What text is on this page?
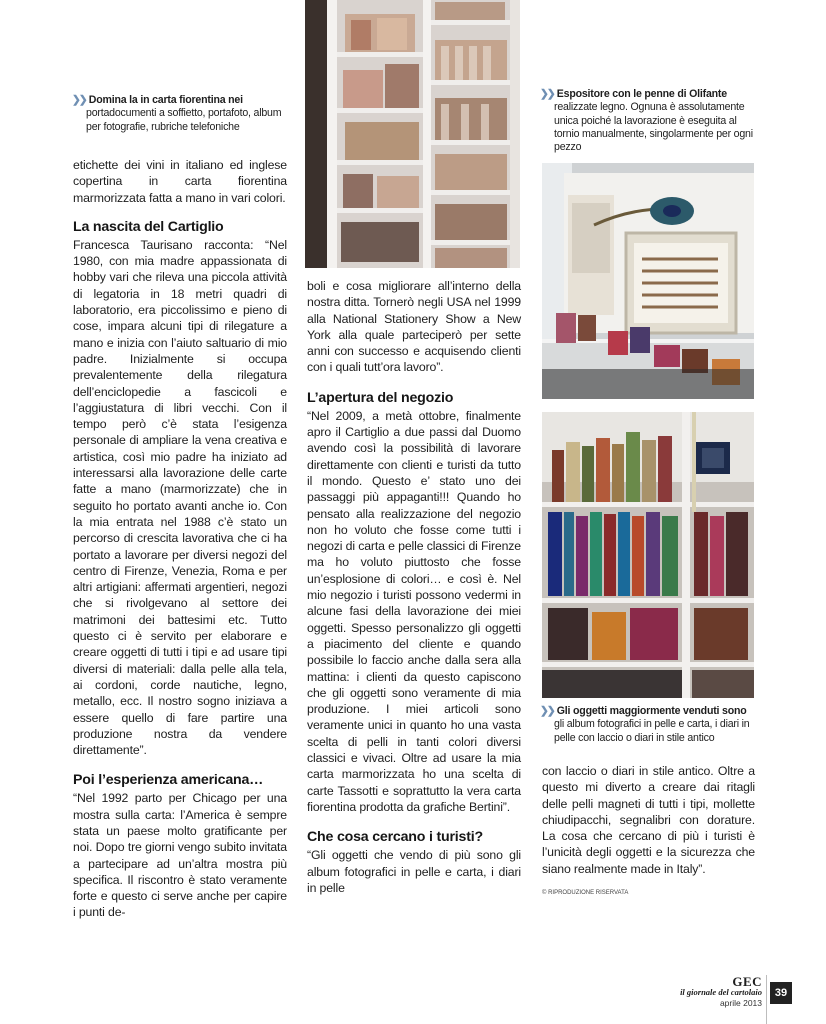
❯❯ Domina la in carta fiorentina nei
portadocumenti a soffietto, portafoto, album per fotografie, rubriche telefoniche
❯❯ Espositore con le penne di Olifante
realizzate legno. Ognuna è assolutamente unica poiché la lavorazione è eseguita al tornio manualmente, singolarmente per ogni pezzo
❯❯ Gli oggetti maggiormente venduti sono
gli album fotografici in pelle e carta, i diari in pelle con laccio o diari in stile antico

etichette dei vini in italiano ed inglese copertina in carta fiorentina marmorizzata fatta a mano in vari colori.

La nascita del Cartiglio

Francesca Taurisano racconta: “Nel 1980, con mia madre appassionata di hobby vari che rileva una piccola attività di legatoria in 18 metri quadri di laboratorio, era piccolissimo e pieno di cose, impara alcuni tipi di rilegature a mano e inizia con l’aiuto saltuario di mio padre. Inizialmente si occupa prevalentemente della rilegatura dell’enciclopedie a fascicoli e l’aggiustatura di libri vecchi. Con il tempo però c’è stata l’esigenza personale di ampliare la vena creativa e artistica, così mio padre ha iniziato ad interessarsi alla lavorazione delle carte fatte a mano (marmorizzate) che in seguito ho portato avanti anche io. Con la mia entrata nel 1988 c’è stato un percorso di crescita lavorativa che ci ha portato a lavorare per diversi negozi del centro di Firenze, Venezia, Roma e per altri artigiani: affermati argentieri, negozi che si rivolgevano al settore dei matrimoni dei battesimi etc. Tutto questo ci è servito per elaborare e creare oggetti di tutti i tipi e ad usare tipi diversi di materiali: dalla pelle alla tela, ai cordoni, corde nautiche, legno, metallo, ecc. Il nostro sogno iniziava a essere quello di fare partire una produzione nostra da vendere direttamente”.

Poi l’esperienza americana…

“Nel 1992 parto per Chicago per una mostra sulla carta: l’America è sempre stata un paese molto gratificante per noi. Dopo tre giorni vengo subito invitata a partecipare ad un’altra mostra più specifica. Il riscontro è stato veramente forte e questo ci serve anche per capire i punti de-

boli e cosa migliorare all’interno della nostra ditta. Tornerò negli USA nel 1999 alla National Stationery Show a New York alla quale parteciperò per sette anni con successo e acquisendo clienti con i quali tutt’ora lavoro”.

L’apertura del negozio

“Nel 2009, a metà ottobre, finalmente apro il Cartiglio a due passi dal Duomo avendo così la possibilità di lavorare direttamente con clienti e turisti da tutto il mondo. Questo e’ stato uno dei passaggi più appaganti!!! Quando ho pensato alla realizzazione del negozio non ho voluto che fosse come tutti i negozi di carta e pelle classici di Firenze ma ho voluto piuttosto che fosse un’esplosione di colori… e così è. Nel mio negozio i turisti possono vedermi in alcune fasi della lavorazione dei miei oggetti. Spesso personalizzo gli oggetti a piacimento del cliente e quando possibile lo faccio anche dalla sera alla mattina: i clienti da questo capiscono che gli oggetti sono veramente di mia produzione. I miei articoli sono veramente unici in quanto ho una vasta scelta di pelli in tanti colori diversi classici e vivaci. Oltre ad usare la mia carta marmorizzata ho una scelta di carte Tassotti e soprattutto la vera carta fiorentina prodotta da grafiche Bertini”.

Che cosa cercano i turisti?

“Gli oggetti che vendo di più sono gli album fotografici in pelle e carta, i diari in pelle

con laccio o diari in stile antico. Oltre a questo mi diverto a creare dai ritagli delle pelli magneti di tutti i tipi, mollette chiudipacchi, segnalibri con dorature. La cosa che cercano di più i turisti è l’unicità degli oggetti e la sicurezza che siano realmente made in Italy”.

© RIPRODUZIONE RISERVATA
GEC
il giornale del cartolaio
aprile 2013
39
